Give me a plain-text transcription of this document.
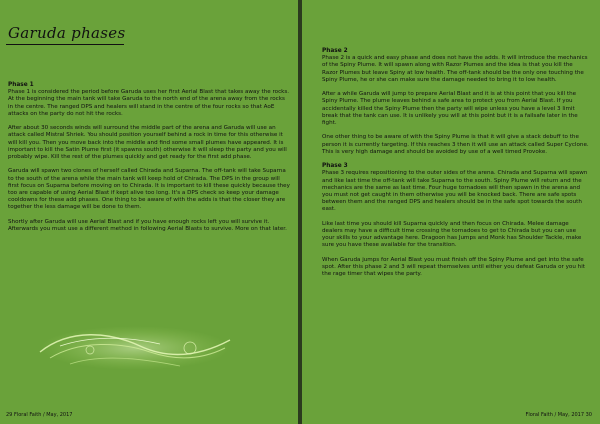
Garuda phases
Phase 1

Phase 1 is considered the period before Garuda uses her first Aerial Blast that takes away the rocks. At the beginning the main tank will take Garuda to the north end of the arena away from the rocks in the centre. The ranged DPS and healers will stand in the centre of the four rocks so that AoE attacks on the party do not hit the rocks.

After about 30 seconds winds will surround the middle part of the arena and Garuda will use an attack called Mistral Shriek. You should position yourself behind a rock in time for this otherwise it will kill you. Then you move back into the middle and find some small plumes have appeared. It is important to kill the Satin Plume first (it spawns south) otherwise it will sleep the party and you will probably wipe. Kill the rest of the plumes quickly and get ready for the first add phase.

Garuda will spawn two clones of herself called Chirada and Suparna. The off-tank will take Suparna to the south of the arena while the main tank will keep hold of Chirada. The DPS in the group will first focus on Suparna before moving on to Chirada. It is important to kill these quickly because they too are capable of using Aerial Blast if kept alive too long. It's a DPS check so keep your damage cooldowns for these add phases. One thing to be aware of with the adds is that the closer they are together the less damage will be done to them.

Shortly after Garuda will use Aerial Blast and if you have enough rocks left you will survive it. Afterwards you must use a different method in following Aerial Blasts to survive. More on that later.

29 Floral Faith / May, 2017
Phase 2

Phase 2 is a quick and easy phase and does not have the adds. It will introduce the mechanics of the Spiny Plume. It will spawn along with Razor Plumes and the idea is that you kill the Razor Plumes but leave Spiny at low health. The off-tank should be the only one touching the Spiny Plume, he or she can make sure the damage needed to bring it to low health.

After a while Garuda will jump to prepare Aerial Blast and it is at this point that you kill the Spiny Plume. The plume leaves behind a safe area to protect you from Aerial Blast. If you accidentally killed the Spiny Plume then the party will wipe unless you have a level 3 limit break that the tank can use. It is unlikely you will at this point but it is a failsafe later in the fight.

One other thing to be aware of with the Spiny Plume is that it will give a stack debuff to the person it is currently targeting. If this reaches 3 then it will use an attack called Super Cyclone. This is very high damage and should be avoided by use of a well timed Provoke.

Phase 3

Phase 3 requires repositioning to the outer sides of the arena. Chirada and Suparna will spawn and like last time the off-tank will take Suparna to the south. Spiny Plume will return and the mechanics are the same as last time. Four huge tornadoes will then spawn in the arena and you must not get caught in them otherwise you will be knocked back. There are safe spots between them and the ranged DPS and healers should be in the safe spot towards the south east.

Like last time you should kill Suparna quickly and then focus on Chirada. Melee damage dealers may have a difficult time crossing the tornadoes to get to Chirada but you can use your skills to your advantage here. Dragoon has Jumps and Monk has Shoulder Tackle, make sure you have these available for the transition.

When Garuda jumps for Aerial Blast you must finish off the Spiny Plume and get into the safe spot. After this phase 2 and 3 will repeat themselves until either you defeat Garuda or you hit the rage timer that wipes the party.

Floral Faith / May, 2017 30
